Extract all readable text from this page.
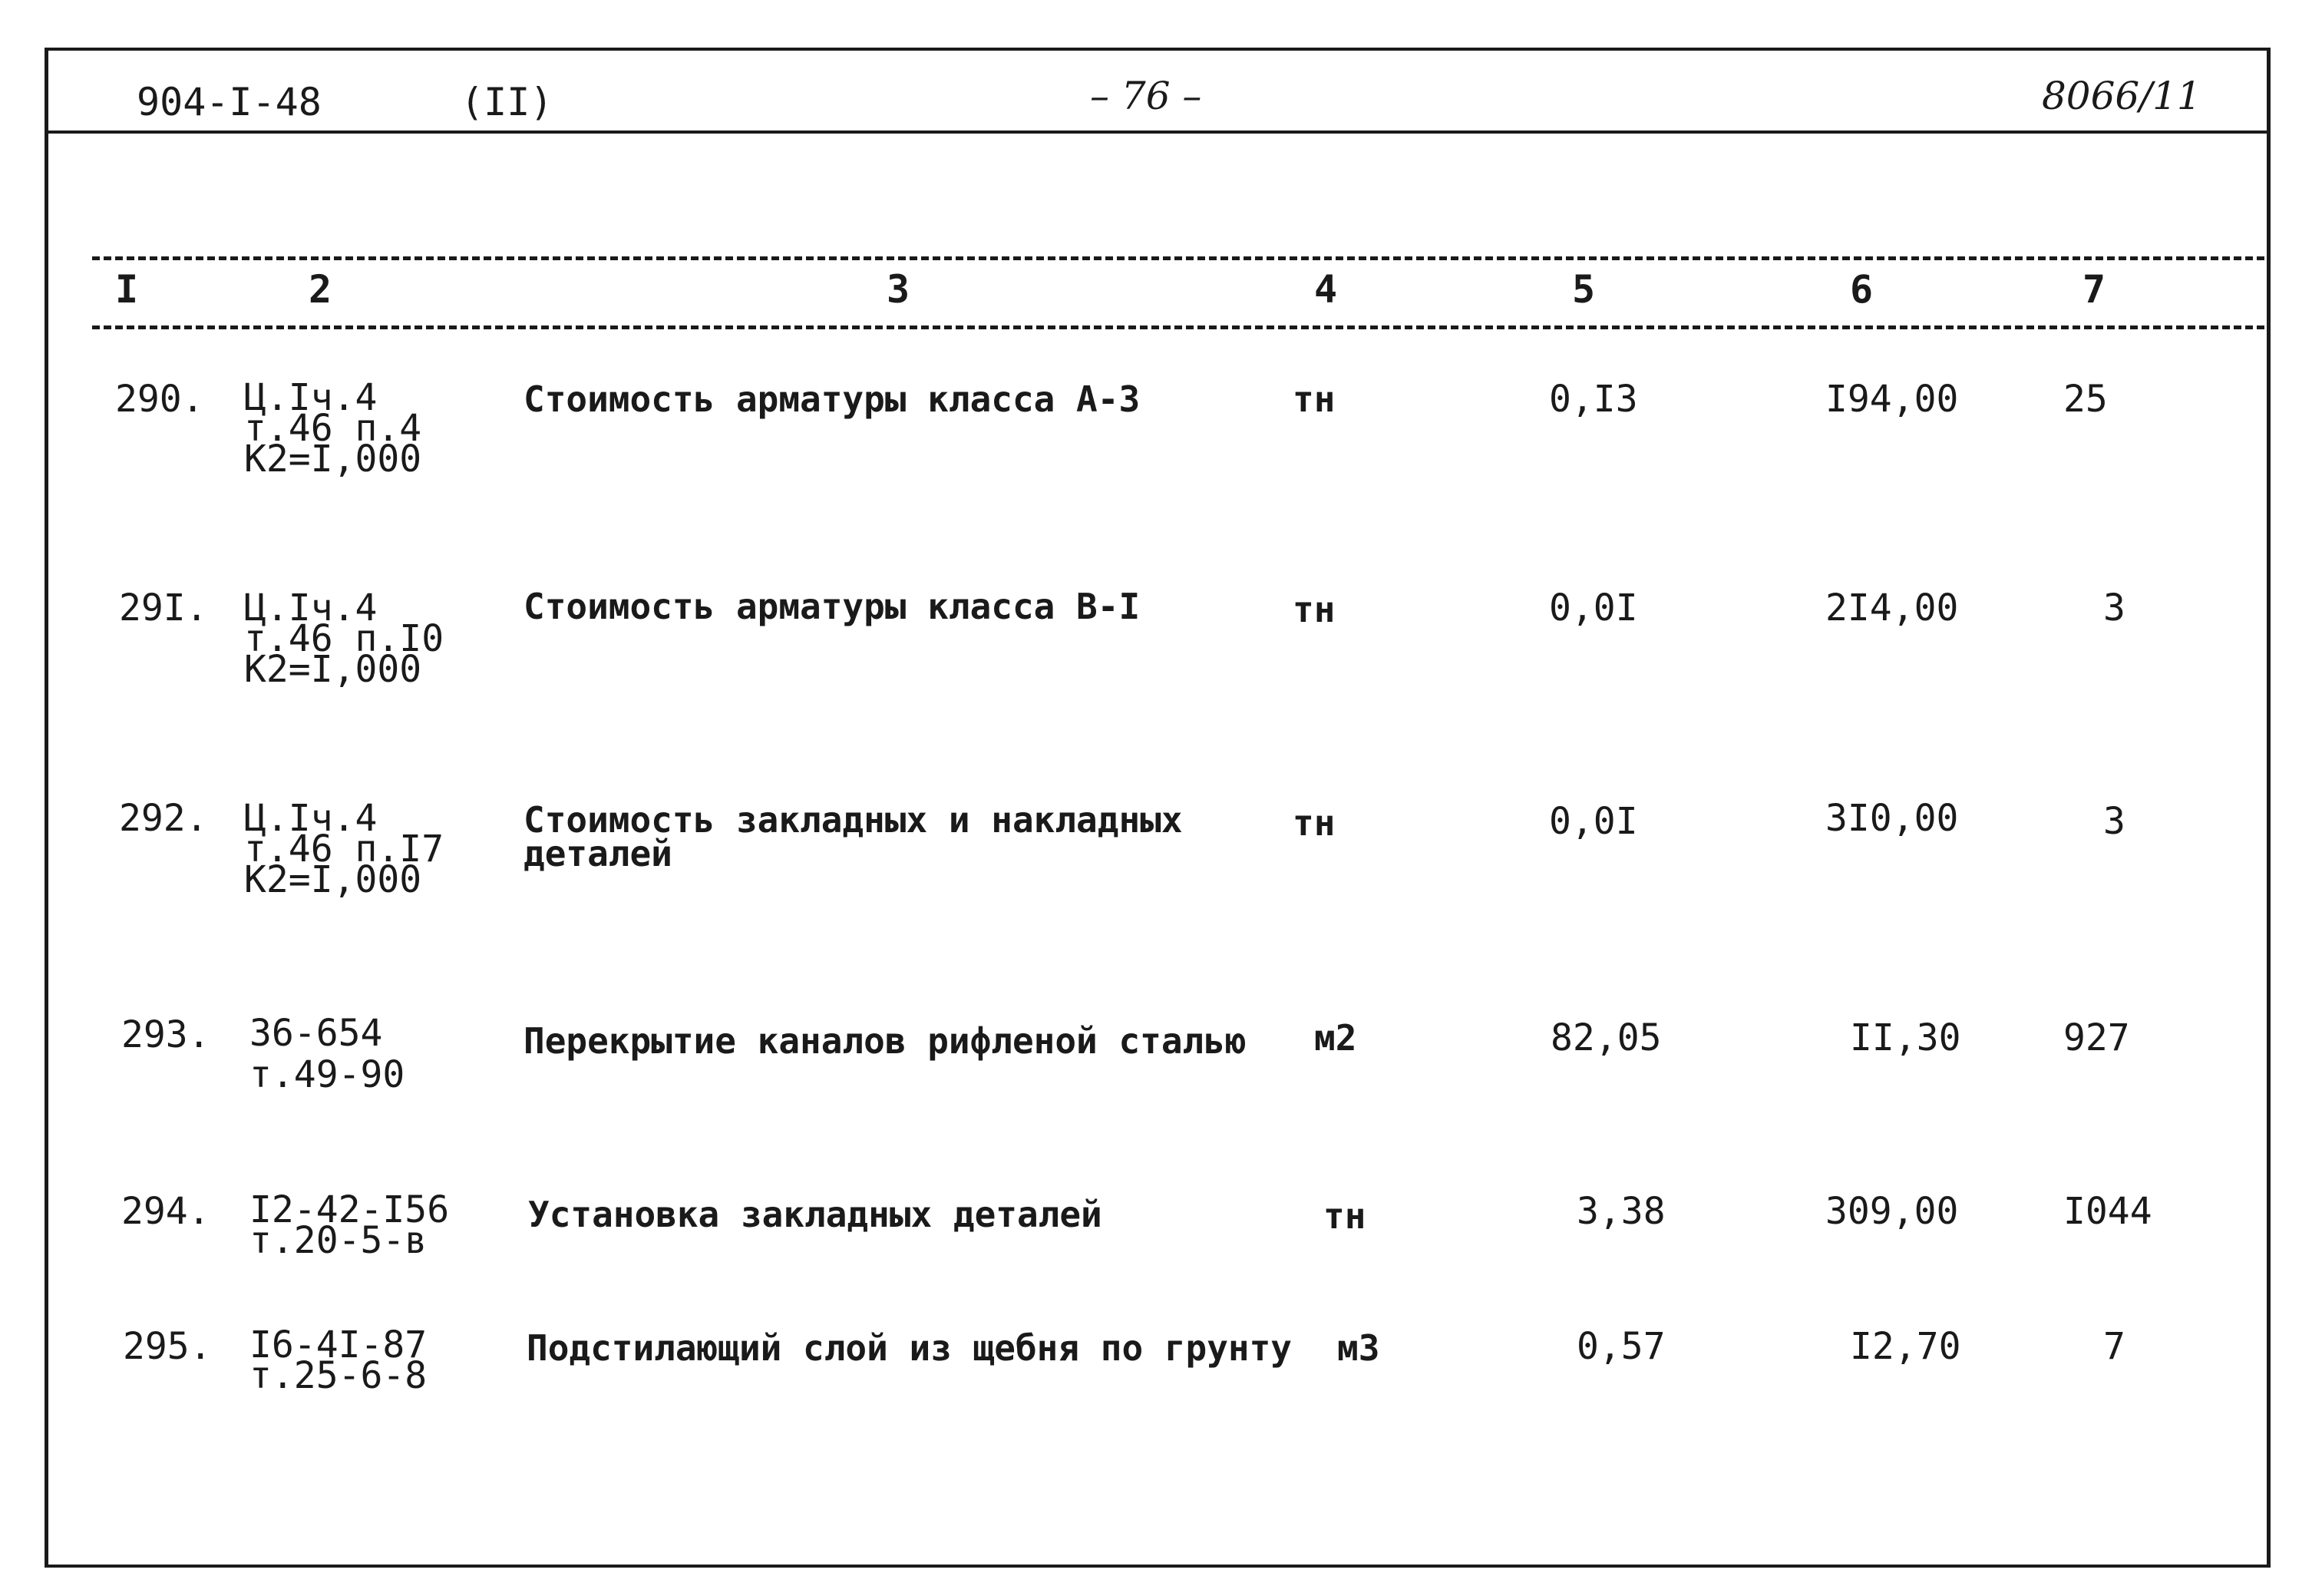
904-I-48	(II)	– 76 –	8066/11
I	2	3	4	5	6	7
290. Ц.Iч.4
т.46 п.4
К2=I,000
Стоимость арматуры класса А-3	тн	0,I3	I94,00	25
29I. Ц.Iч.4
т.46 п.I0
К2=I,000
Стоимость арматуры класса В-I	тн	0,0I	2I4,00	3
292. Ц.Iч.4
т.46 п.I7
К2=I,000
Стоимость закладных и накладных
деталей
тн	0,0I	3I0,00	3
293. 36-654
т.49-90
Перекрытие каналов рифленой сталью м2	82,05	II,30	927
294. I2-42-I56
т.20-5-в
Установка закладных деталей	тн	3,38	309,00	I044
295. I6-4I-87
т.25-6-8
Подстилающий слой из щебня по грунту м3	0,57	I2,70	7
